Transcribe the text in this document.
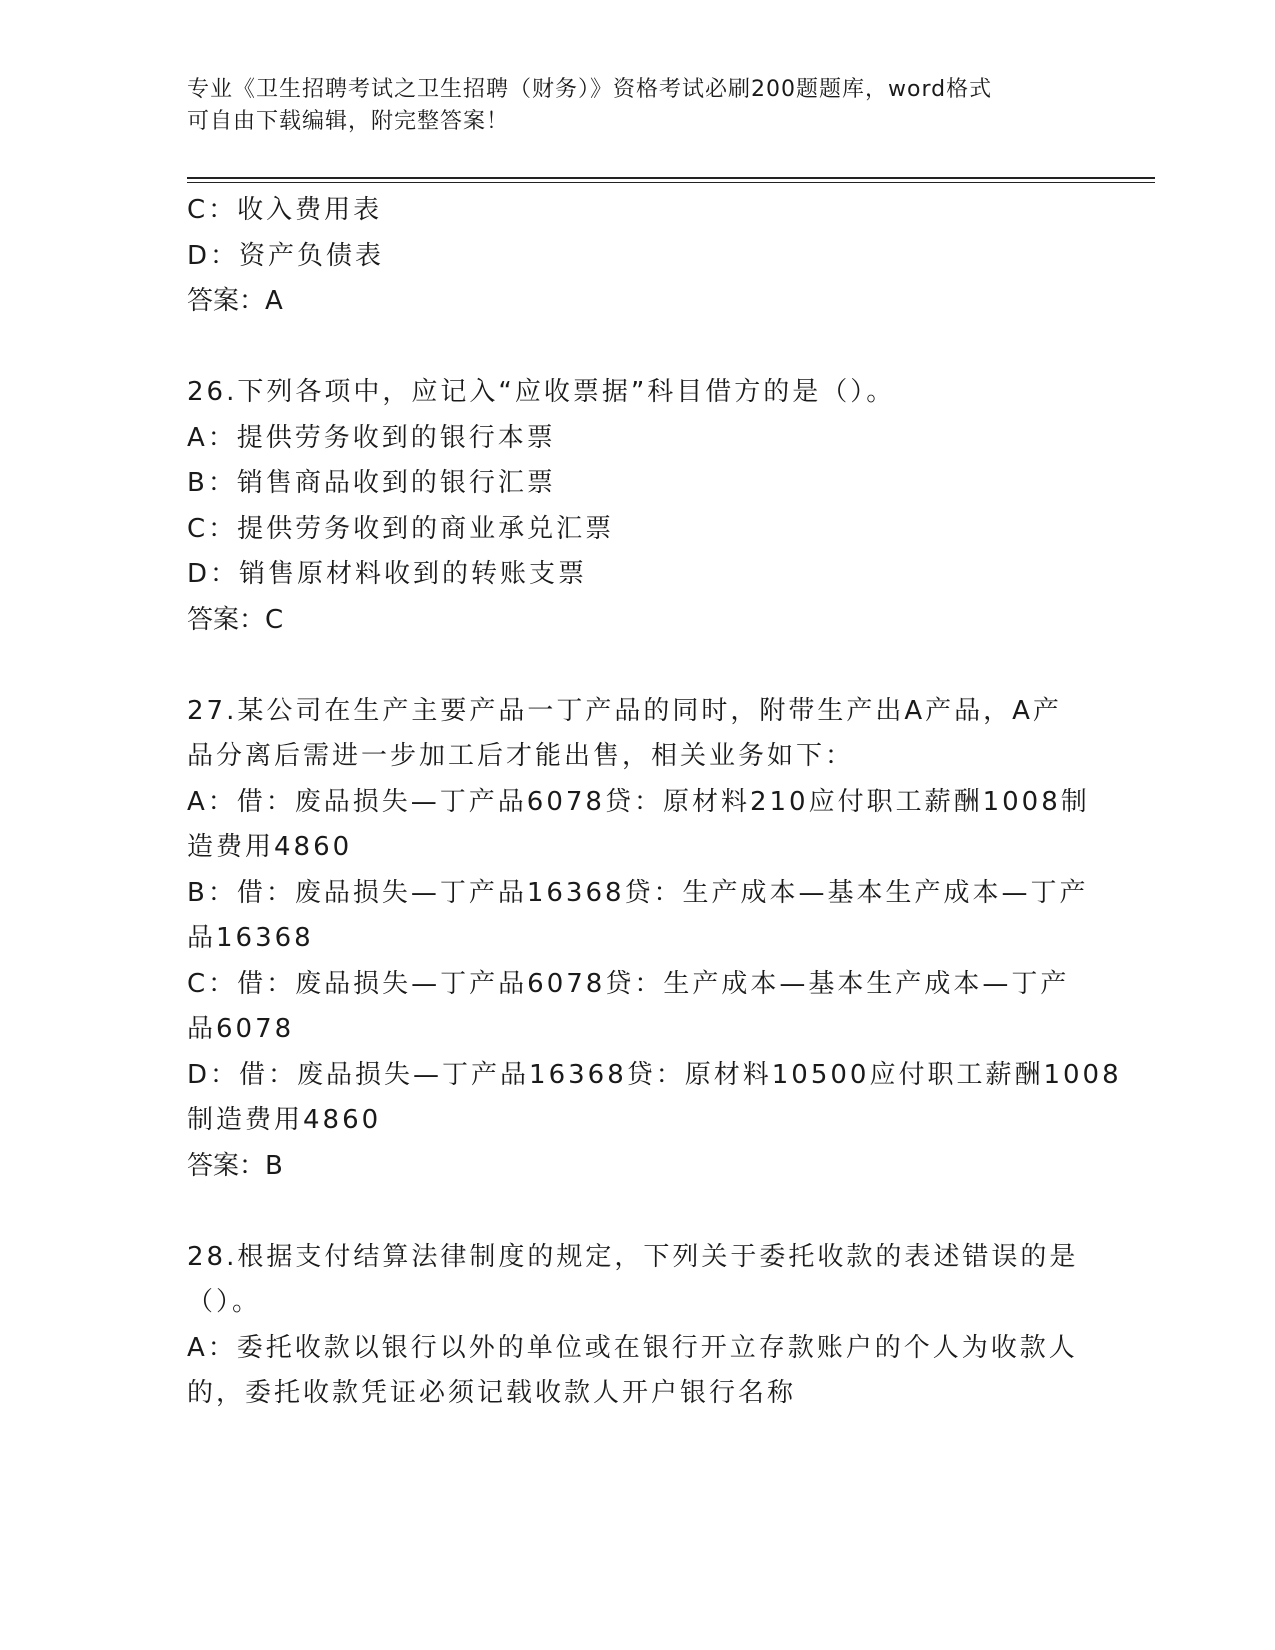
专业《卫生招聘考试之卫生招聘（财务）》资格考试必刷200题题库，word格式
可自由下载编辑，附完整答案！
C：收入费用表
D：资产负债表
答案：A
26.下列各项中，应记入“应收票据”科目借方的是（）。
A：提供劳务收到的银行本票
B：销售商品收到的银行汇票
C：提供劳务收到的商业承兑汇票
D：销售原材料收到的转账支票
答案：C
27.某公司在生产主要产品一丁产品的同时，附带生产出A产品，A产
品分离后需进一步加工后才能出售，相关业务如下：
A：借：废品损失—丁产品6078贷：原材料210应付职工薪酬1008制
造费用4860
B：借：废品损失—丁产品16368贷：生产成本—基本生产成本—丁产
品16368
C：借：废品损失—丁产品6078贷：生产成本—基本生产成本—丁产
品6078
D：借：废品损失—丁产品16368贷：原材料10500应付职工薪酬1008
制造费用4860
答案：B
28.根据支付结算法律制度的规定，下列关于委托收款的表述错误的是
（）。
A：委托收款以银行以外的单位或在银行开立存款账户的个人为收款人
的，委托收款凭证必须记载收款人开户银行名称
